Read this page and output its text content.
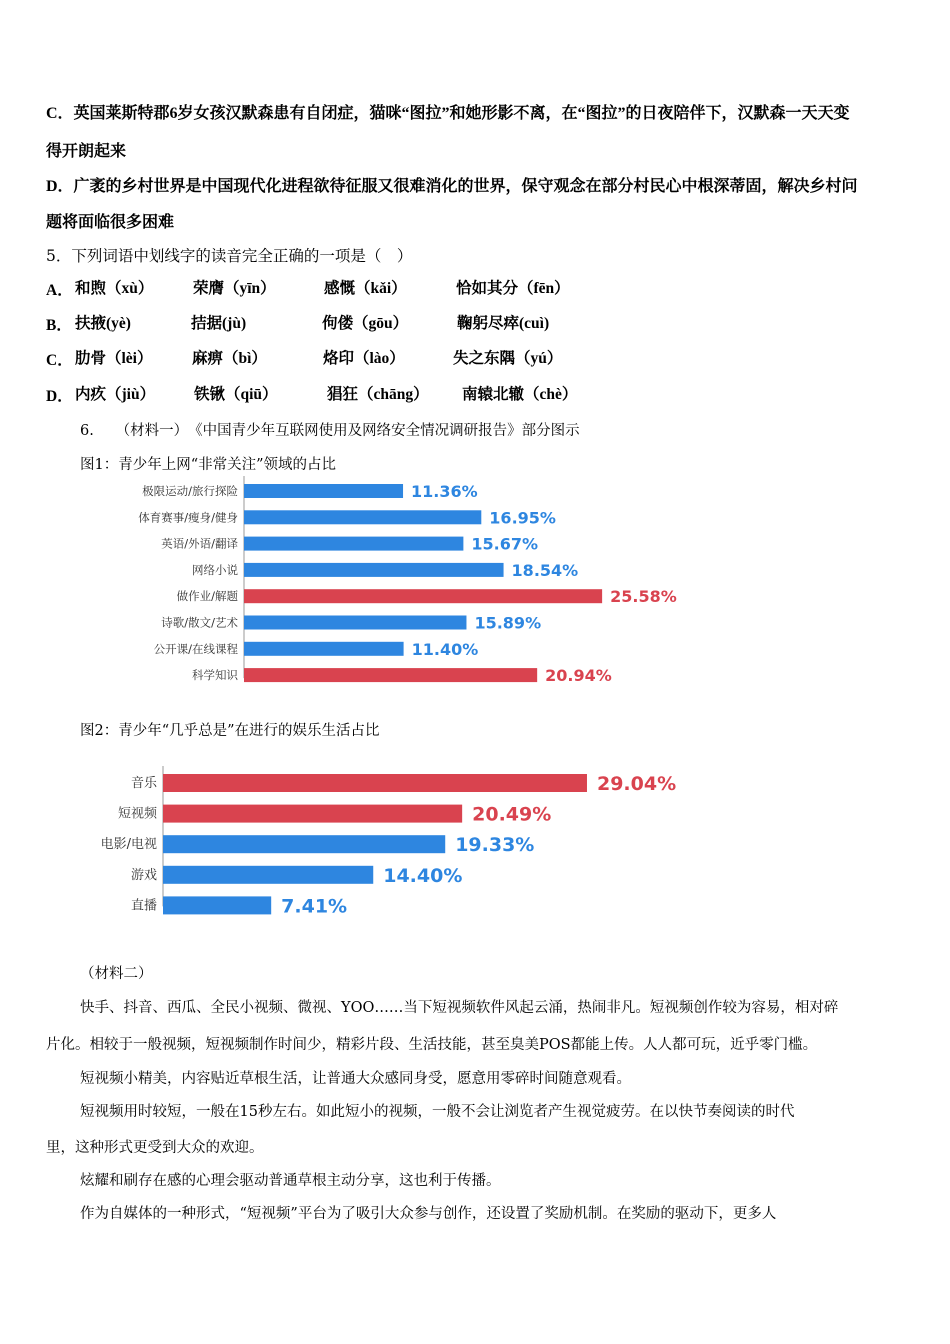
C．英国莱斯特郡6岁女孩汉默森患有自闭症，猫咪“图拉”和她形影不离，在“图拉”的日夜陪伴下，汉默森一天天变
得开朗起来
D．广袤的乡村世界是中国现代化进程欲待征服又很难消化的世界，保守观念在部分村民心中根深蒂固，解决乡村问
题将面临很多困难
5．下列词语中划线字的读音完全正确的一项是（　）
A． 和煦（xù）	荣膺（yīn）	感慨（kǎi）	恰如其分（fēn）
B． 扶掖(yè)	拮据(jù)	佝偻（gōu）	鞠躬尽瘁(cuì)
C． 肋骨（lèi）	麻痹（bì）	烙印（lào）	失之东隅（yú）
D． 内疚（jiù）	铁锹（qiū）	猖狂（chāng） 南辕北辙（chè）
6.　　（材料一）　《中国青少年互联网使用及网络安全情况调研报告》部分图示
图1：青少年上网“非常关注”领域的占比
极限运动/旅行探险	11.36%
体育赛事/瘦身/健身	16.95%
英语/外语/翻译	15.67%
网络小说	18.54%
做作业/解题	25.58%
诗歌/散文/艺术	15.89%
公开课/在线课程	11.40%
科学知识	20.94%
音乐	29.04%
短视频	20.49%
电影/电视	19.33%
游戏	14.40%
直播	7.41%
图2：青少年“几乎总是”在进行的娱乐生活占比
（材料二）
快手、抖音、西瓜、全民小视频、微视、YOO……当下短视频软件风起云涌，热闹非凡。短视频创作较为容易，相对碎
片化。相较于一般视频，短视频制作时间少，精彩片段、生活技能，甚至臭美POS都能上传。人人都可玩，近乎零门槛。
短视频小精美，内容贴近草根生活，让普通大众感同身受，愿意用零碎时间随意观看。
短视频用时较短，一般在15秒左右。如此短小的视频，一般不会让浏览者产生视觉疲劳。在以快节奏阅读的时代
里，这种形式更受到大众的欢迎。
炫耀和刷存在感的心理会驱动普通草根主动分享，这也利于传播。
作为自媒体的一种形式，“短视频”平台为了吸引大众参与创作，还设置了奖励机制。在奖励的驱动下，更多人
